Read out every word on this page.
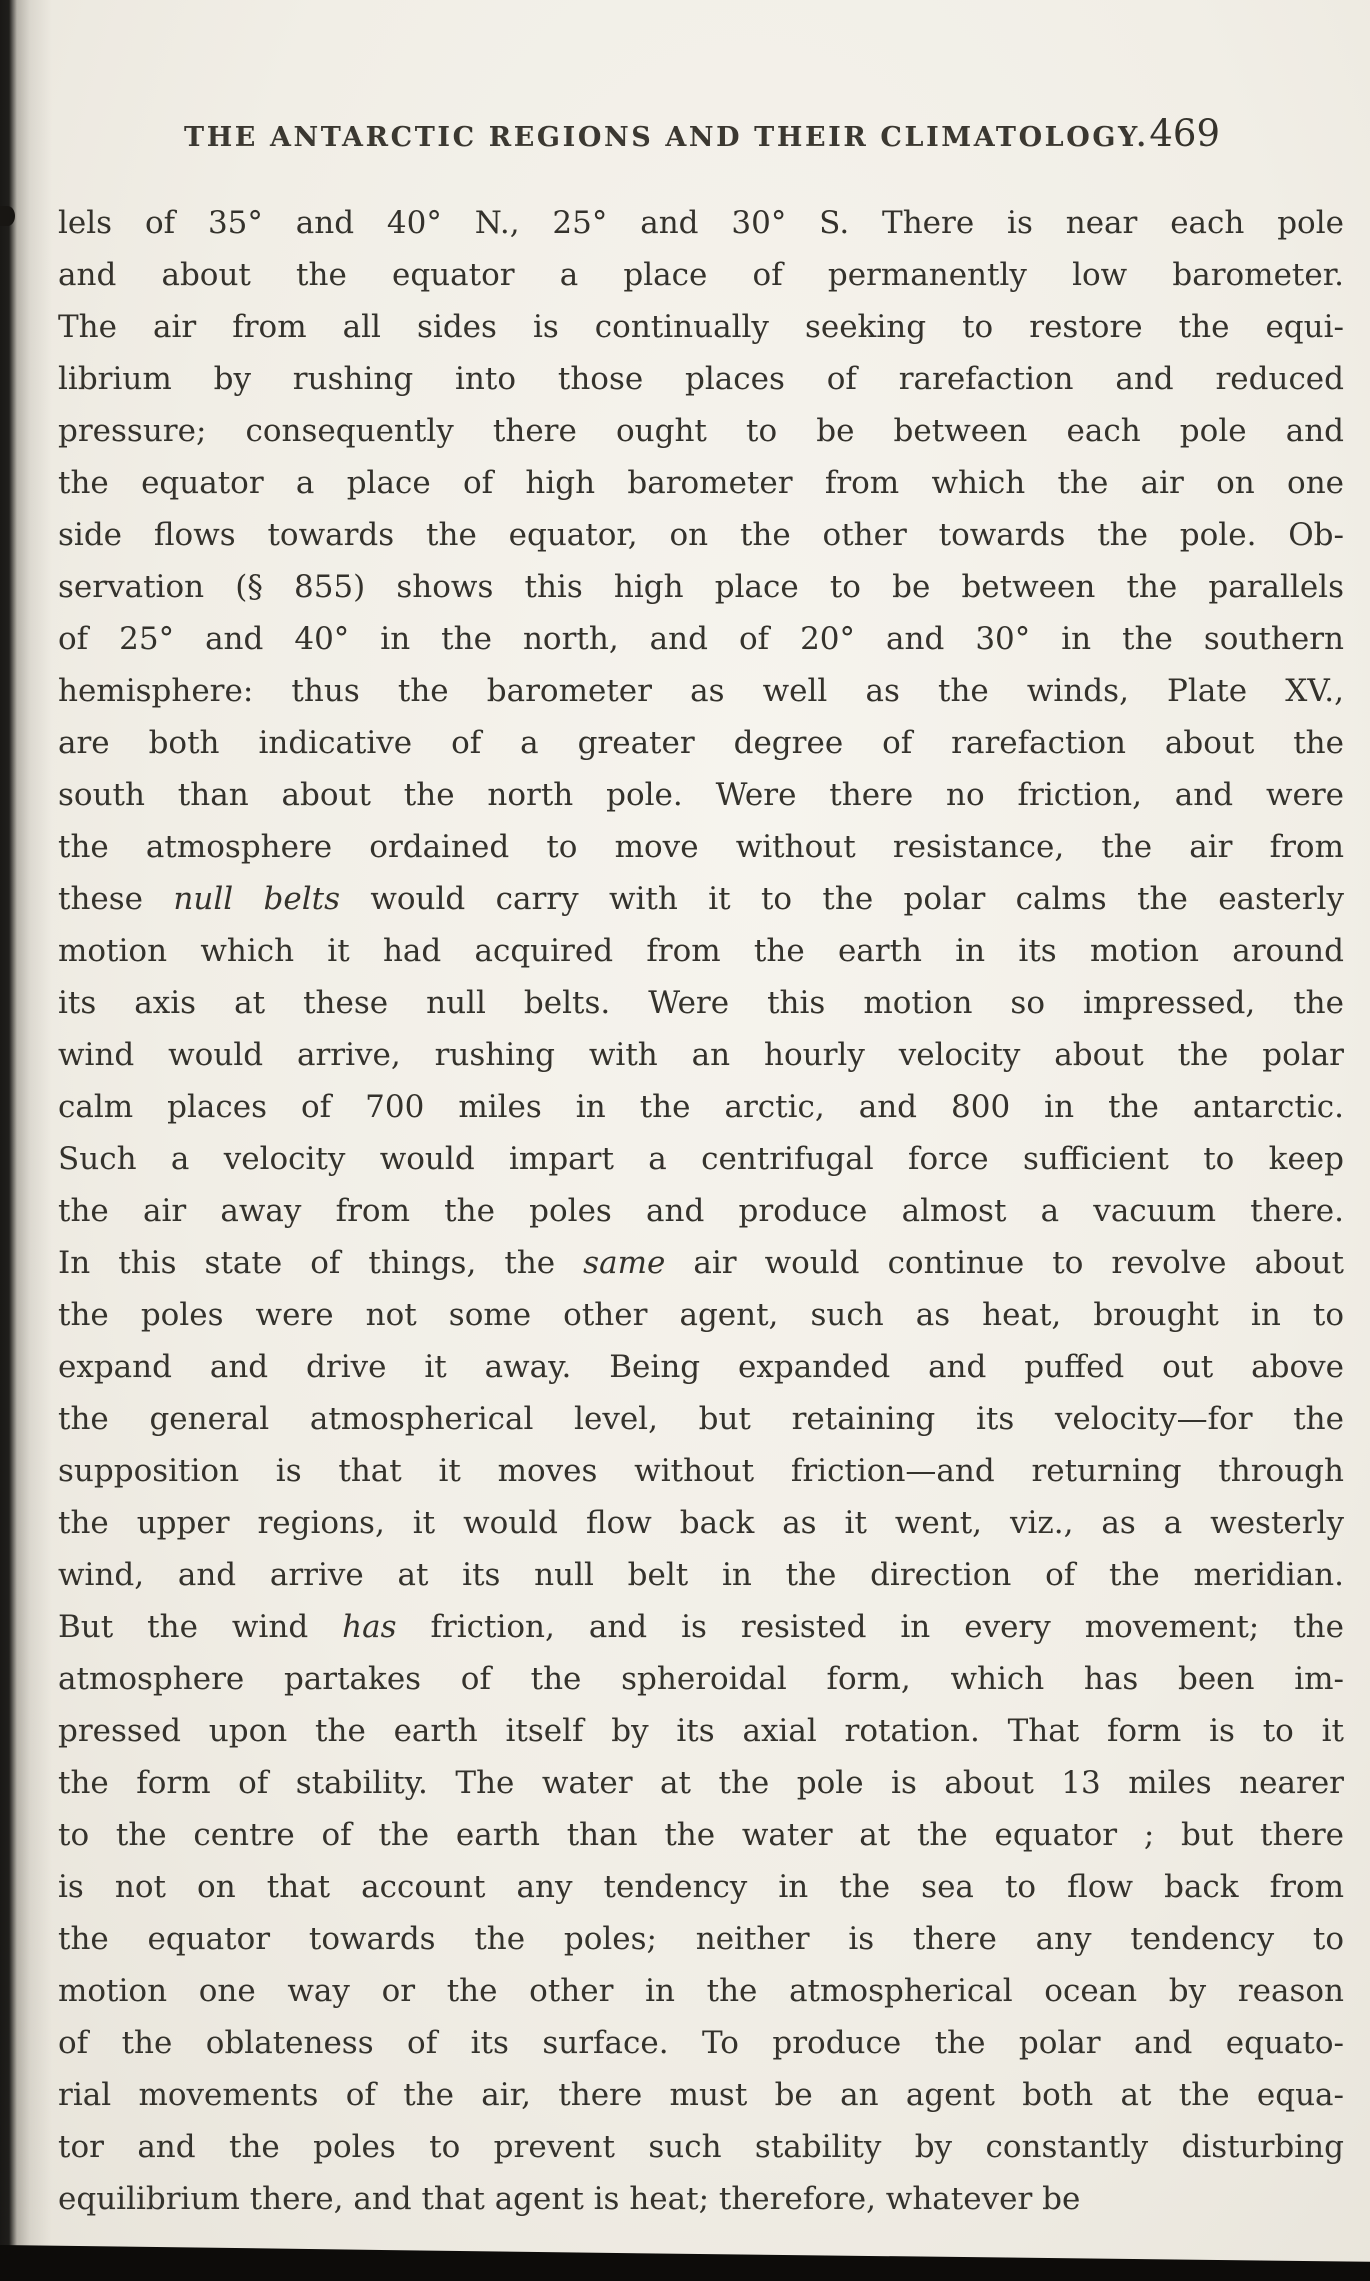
THE ANTARCTIC REGIONS AND THEIR CLIMATOLOGY. 469
lels of 35° and 40° N., 25° and 30° S. There is near each pole
and about the equator a place of permanently low barometer.
The air from all sides is continually seeking to restore the equi-
librium by rushing into those places of rarefaction and reduced
pressure; consequently there ought to be between each pole and
the equator a place of high barometer from which the air on one
side flows towards the equator, on the other towards the pole. Ob-
servation (§ 855) shows this high place to be between the parallels
of 25° and 40° in the north, and of 20° and 30° in the southern
hemisphere: thus the barometer as well as the winds, Plate XV.,
are both indicative of a greater degree of rarefaction about the
south than about the north pole. Were there no friction, and were
the atmosphere ordained to move without resistance, the air from
these null belts would carry with it to the polar calms the easterly
motion which it had acquired from the earth in its motion around
its axis at these null belts. Were this motion so impressed, the
wind would arrive, rushing with an hourly velocity about the polar
calm places of 700 miles in the arctic, and 800 in the antarctic.
Such a velocity would impart a centrifugal force sufficient to keep
the air away from the poles and produce almost a vacuum there.
In this state of things, the same air would continue to revolve about
the poles were not some other agent, such as heat, brought in to
expand and drive it away. Being expanded and puffed out above
the general atmospherical level, but retaining its velocity—for the
supposition is that it moves without friction—and returning through
the upper regions, it would flow back as it went, viz., as a westerly
wind, and arrive at its null belt in the direction of the meridian.
But the wind has friction, and is resisted in every movement; the
atmosphere partakes of the spheroidal form, which has been im-
pressed upon the earth itself by its axial rotation. That form is to it
the form of stability. The water at the pole is about 13 miles nearer
to the centre of the earth than the water at the equator ; but there
is not on that account any tendency in the sea to flow back from
the equator towards the poles; neither is there any tendency to
motion one way or the other in the atmospherical ocean by reason
of the oblateness of its surface. To produce the polar and equato-
rial movements of the air, there must be an agent both at the equa-
tor and the poles to prevent such stability by constantly disturbing
equilibrium there, and that agent is heat; therefore, whatever be
